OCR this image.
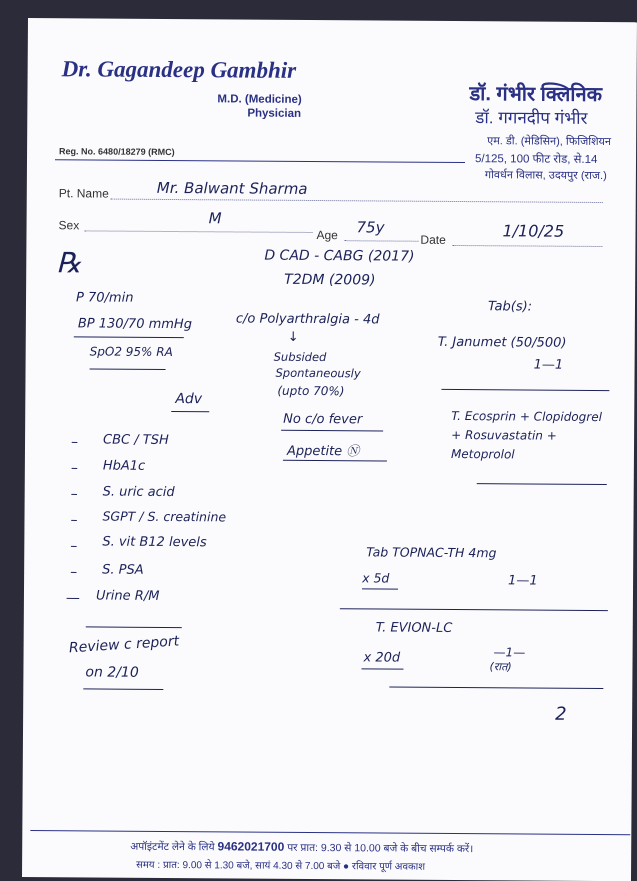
Dr. Gagandeep Gambhir
M.D. (Medicine)
Physician
Reg. No. 6480/18279 (RMC)
डॉ. गंभीर क्लिनिक
डॉ. गगनदीप गंभीर
एम. डी. (मेडिसिन), फिजिशियन
5/125, 100 फीट रोड, से.14
गोवर्धन विलास, उदयपुर (राज.)
Pt. Name	Mr. Balwant Sharma
Sex	M
Age 75y
Date	1/10/25
℞	D CAD - CABG (2017)
T2DM (2009)
P 70/min
BP 130/70 mmHg
SpO2 95% RA
c/o Polyarthralgia - 4d
↓
Subsided
Spontaneously
(upto 70%)
No c/o fever
Appetite Ⓝ
Adv
– CBC / TSH
– HbA1c
– S. uric acid
– SGPT / S. creatinine
– S. vit B12 levels
– S. PSA
— Urine R/M
Review c report
on 2/10
Tab(s):
T. Janumet (50/500)
1—1
T. Ecosprin + Clopidogrel + Rosuvastatin + Metoprolol
Tab TOPNAC-TH 4mg
x 5d	1—1
T. EVION-LC
x 20d	—1—
(रात)
2
अपॉइंटमेंट लेने के लिये 9462021700 पर प्रात: 9.30 से 10.00 बजे के बीच सम्पर्क करें।
समय : प्रात: 9.00 से 1.30 बजे, सायं 4.30 से 7.00 बजे ● रविवार पूर्ण अवकाश
